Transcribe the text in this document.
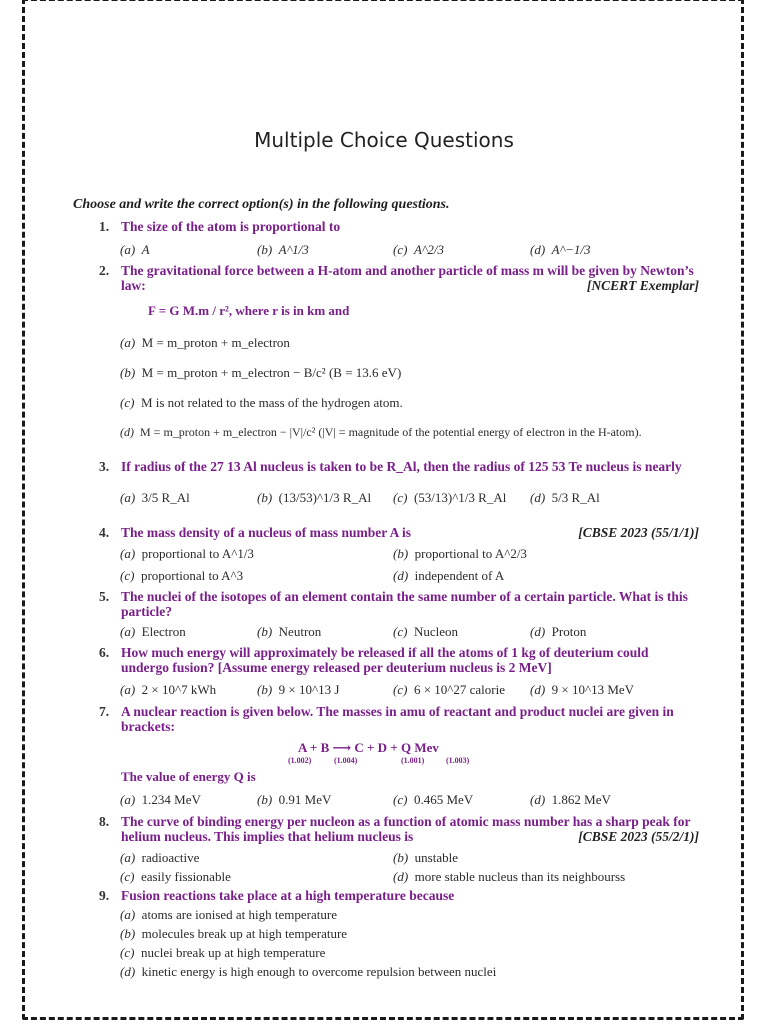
Multiple Choice Questions
Choose and write the correct option(s) in the following questions.
1. The size of the atom is proportional to
(a) A	(b) A^1/3	(c) A^2/3	(d) A^−1/3
2. The gravitational force between a H-atom and another particle of mass m will be given by Newton’s law:	[NCERT Exemplar]
F = G M.m / r², where r is in km and
(a) M = m_proton + m_electron
(b) M = m_proton + m_electron − B/c² (B = 13.6 eV)
(c) M is not related to the mass of the hydrogen atom.
(d) M = m_proton + m_electron − |V|/c² (|V| = magnitude of the potential energy of electron in the H-atom).
3. If radius of the 27 13 Al nucleus is taken to be R_Al, then the radius of 125 53 Te nucleus is nearly
(a) 3/5 R_Al	(b) (13/53)^1/3 R_Al (c) (53/13)^1/3 R_Al (d) 5/3 R_Al
4. The mass density of a nucleus of mass number A is	[CBSE 2023 (55/1/1)]
(a) proportional to A^1/3	(b) proportional to A^2/3
(c) proportional to A^3	(d) independent of A
5. The nuclei of the isotopes of an element contain the same number of a certain particle. What is this particle?
(a) Electron	(b) Neutron	(c) Nucleon	(d) Proton
6. How much energy will approximately be released if all the atoms of 1 kg of deuterium could undergo fusion? [Assume energy released per deuterium nucleus is 2 MeV]
(a) 2 × 10^7 kWh	(b) 9 × 10^13 J	(c) 6 × 10^27 calorie (d) 9 × 10^13 MeV
7. A nuclear reaction is given below. The masses in amu of reactant and product nuclei are given in brackets:
A + B ⟶ C + D + Q Mev
(1.002)	(1.004)	(1.001)	(1.003)
The value of energy Q is
(a) 1.234 MeV	(b) 0.91 MeV	(c) 0.465 MeV	(d) 1.862 MeV
8. The curve of binding energy per nucleon as a function of atomic mass number has a sharp peak for helium nucleus. This implies that helium nucleus is	[CBSE 2023 (55/2/1)]
(a) radioactive	(b) unstable
(c) easily fissionable	(d) more stable nucleus than its neighbourss
9. Fusion reactions take place at a high temperature because
(a) atoms are ionised at high temperature
(b) molecules break up at high temperature
(c) nuclei break up at high temperature
(d) kinetic energy is high enough to overcome repulsion between nuclei
